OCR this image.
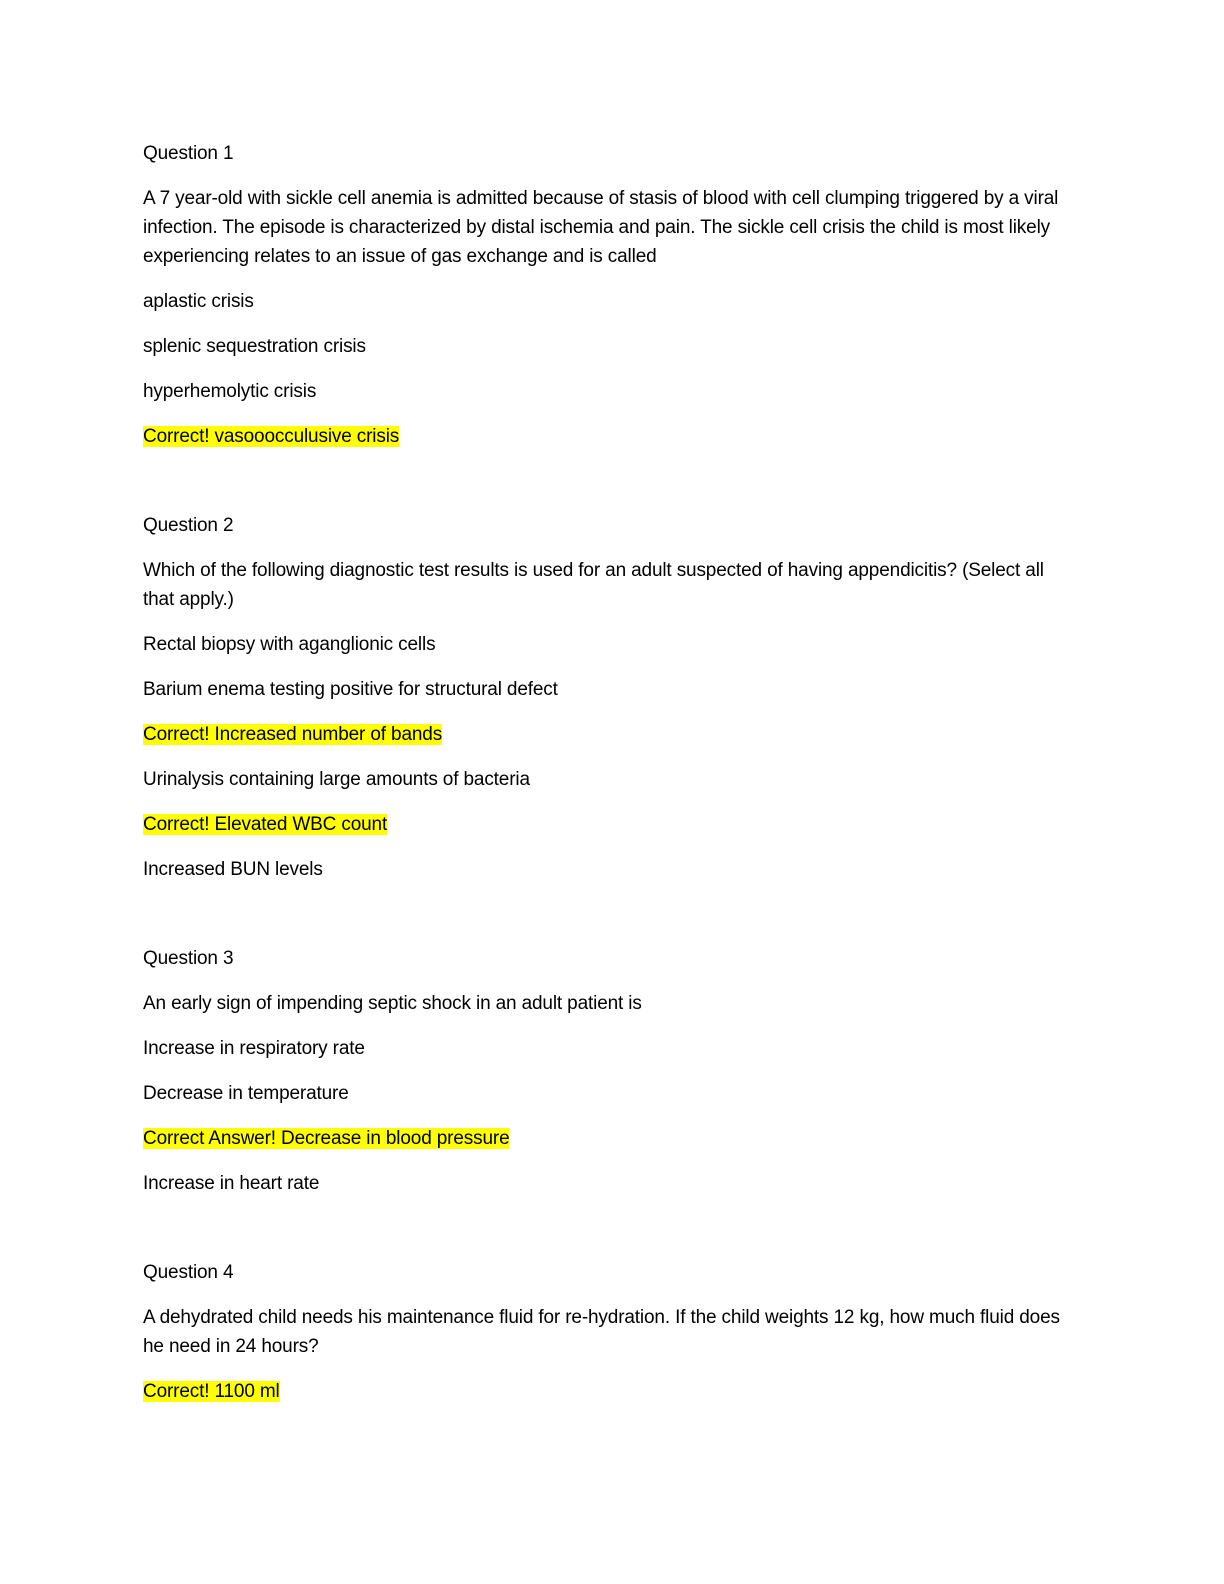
Question 1

A 7 year-old with sickle cell anemia is admitted because of stasis of blood with cell clumping triggered by a viral infection. The episode is characterized by distal ischemia and pain. The sickle cell crisis the child is most likely experiencing relates to an issue of gas exchange and is called

aplastic crisis

splenic sequestration crisis

hyperhemolytic crisis

Correct! vasooocculusive crisis

Question 2

Which of the following diagnostic test results is used for an adult suspected of having appendicitis? (Select all that apply.)

Rectal biopsy with aganglionic cells

Barium enema testing positive for structural defect

Correct! Increased number of bands

Urinalysis containing large amounts of bacteria

Correct! Elevated WBC count

Increased BUN levels

Question 3

An early sign of impending septic shock in an adult patient is

Increase in respiratory rate

Decrease in temperature

Correct Answer! Decrease in blood pressure

Increase in heart rate

Question 4

A dehydrated child needs his maintenance fluid for re-hydration. If the child weights 12 kg, how much fluid does he need in 24 hours?

Correct! 1100 ml
